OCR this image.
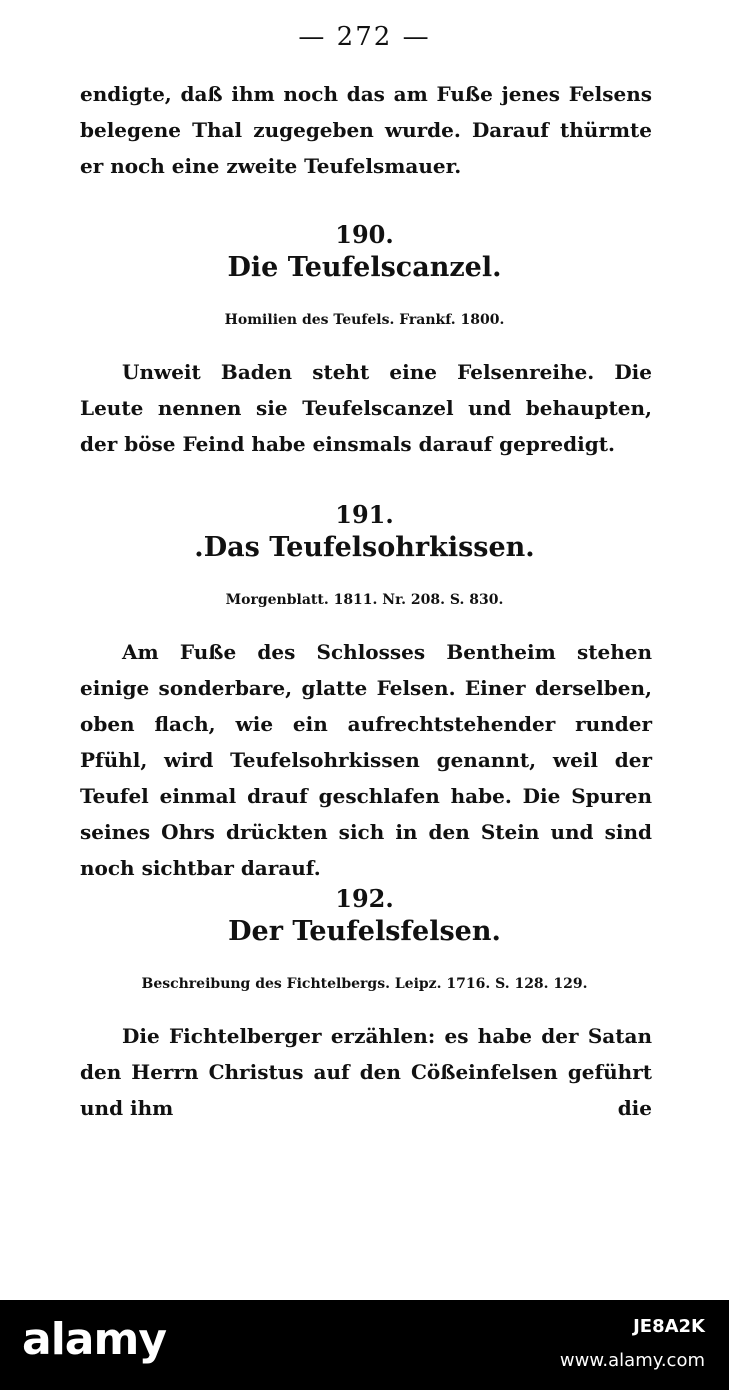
— 272 —
endigte, daß ihm noch das am Fuße jenes Felsens belegene Thal zugegeben wurde. Darauf thürmte er noch eine zweite Teufelsmauer.
190.
Die Teufelscanzel.
Homilien des Teufels. Frankf. 1800.
Unweit Baden steht eine Felsenreihe. Die Leute nennen sie Teufelscanzel und behaupten, der böse Feind habe einsmals darauf gepredigt.
191.
.Das Teufelsohrkissen.
Morgenblatt. 1811. Nr. 208. S. 830.
Am Fuße des Schlosses Bentheim stehen einige sonderbare, glatte Felsen. Einer derselben, oben flach, wie ein aufrechtstehender runder Pfühl, wird Teufelsohrkissen genannt, weil der Teufel einmal drauf geschlafen habe. Die Spuren seines Ohrs drückten sich in den Stein und sind noch sichtbar darauf.
192.
Der Teufelsfelsen.
Beschreibung des Fichtelbergs. Leipz. 1716. S. 128. 129.
Die Fichtelberger erzählen: es habe der Satan den Herrn Christus auf den Cößeinfelsen geführt und ihm	die
alamy	JE8A2K
www.alamy.com
